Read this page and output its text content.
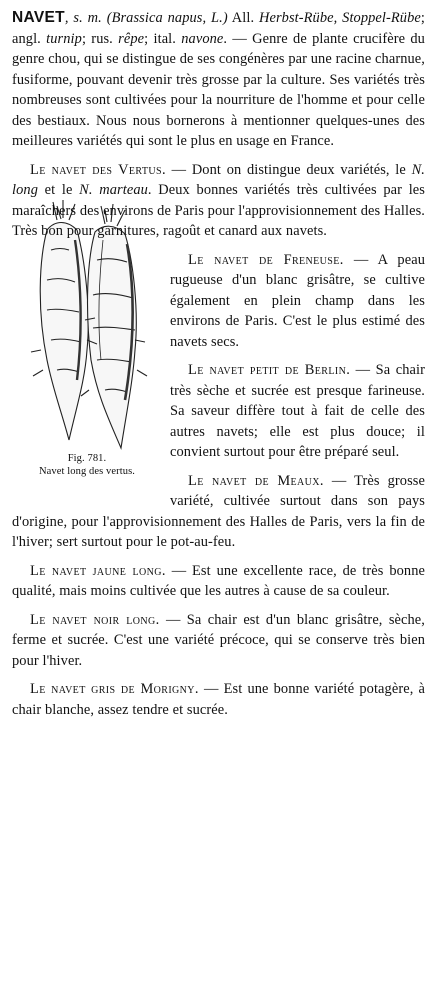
NAVET, s. m. (Brassica napus, L.) All. Herbst-Rübe, Stoppel-Rübe; angl. turnip; rus. rêpe; ital. navone. — Genre de plante crucifère du genre chou, qui se distingue de ses congénères par une racine charnue, fusiforme, pouvant devenir très grosse par la culture. Ses variétés très nombreuses sont cultivées pour la nourriture de l'homme et pour celle des bestiaux. Nous nous bornerons à mentionner quelques-unes des meilleures variétés qui sont le plus en usage en France.

Le navet des Vertus. — Dont on distingue deux variétés, le N. long et le N. marteau. Deux bonnes variétés très cultivées par les maraîchers des environs de Paris pour l'approvisionnement des Halles. Très bon pour garnitures, ragoût et canard aux navets.

Fig. 781.
Navet long des vertus.

Le navet de Freneuse. — A peau rugueuse d'un blanc grisâtre, se cultive également en plein champ dans les environs de Paris. C'est le plus estimé des navets secs.

Le navet petit de Berlin. — Sa chair très sèche et sucrée est presque farineuse. Sa saveur diffère tout à fait de celle des autres navets; elle est plus douce; il convient surtout pour être préparé seul.

Le navet de Meaux. — Très grosse variété, cultivée surtout dans son pays d'origine, pour l'approvisionnement des Halles de Paris, vers la fin de l'hiver; sert surtout pour le pot-au-feu.

Le navet jaune long. — Est une excellente race, de très bonne qualité, mais moins cultivée que les autres à cause de sa couleur.

Le navet noir long. — Sa chair est d'un blanc grisâtre, sèche, ferme et sucrée. C'est une variété précoce, qui se conserve très bien pour l'hiver.

Le navet gris de Morigny. — Est une bonne variété potagère, à chair blanche, assez tendre et sucrée.
